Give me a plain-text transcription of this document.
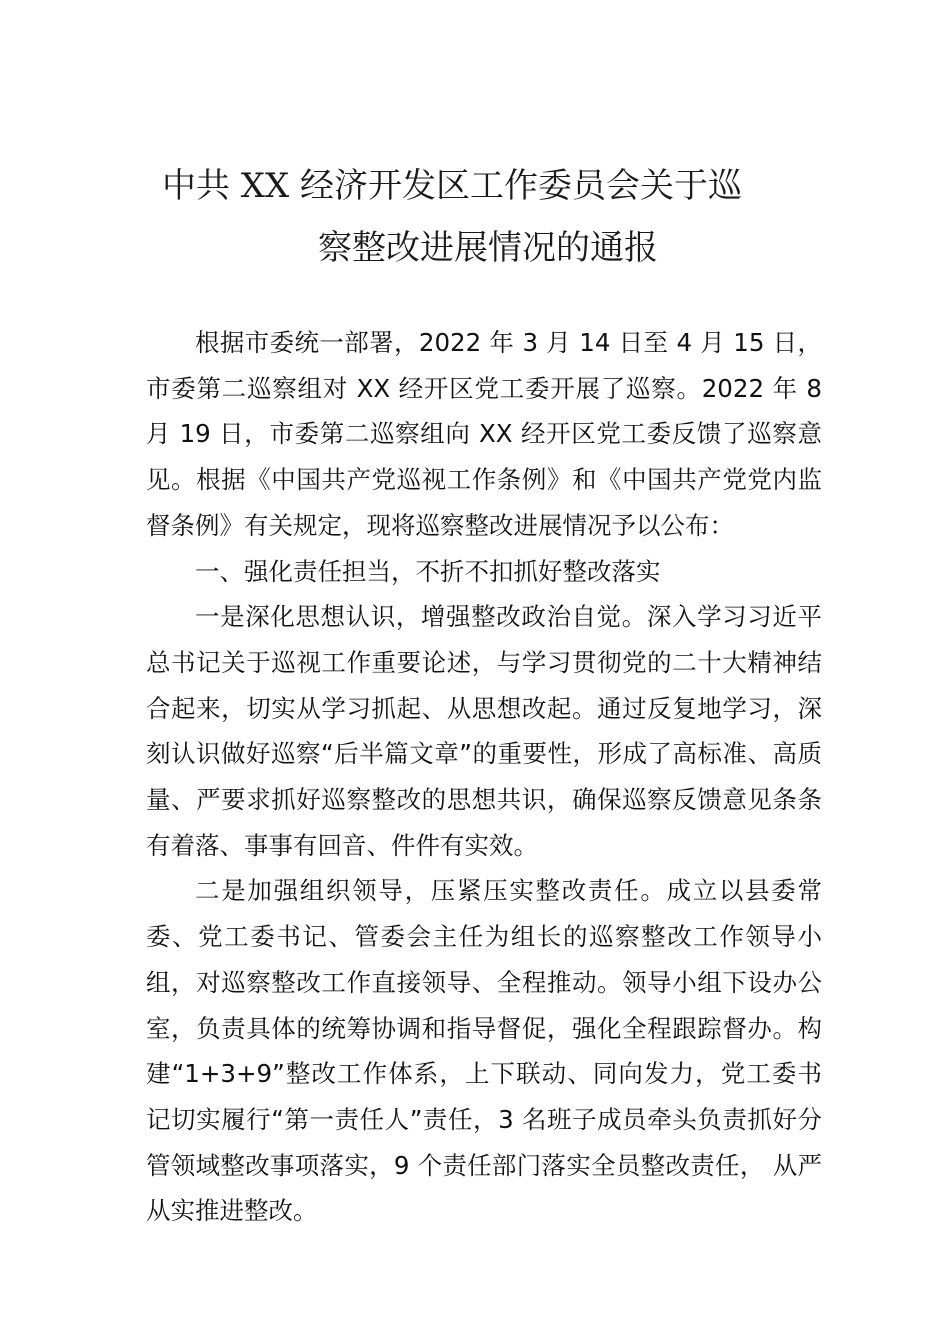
中共 XX 经济开发区工作委员会关于巡
察整改进展情况的通报

根据市委统一部署，2022 年 3 月 14 日至 4 月 15 日，市委第二巡察组对 XX 经开区党工委开展了巡察。2022 年 8 月 19 日，市委第二巡察组向 XX 经开区党工委反馈了巡察意见。根据《中国共产党巡视工作条例》和《中国共产党党内监督条例》有关规定，现将巡察整改进展情况予以公布：

一、强化责任担当，不折不扣抓好整改落实

一是深化思想认识，增强整改政治自觉。深入学习习近平总书记关于巡视工作重要论述，与学习贯彻党的二十大精神结合起来，切实从学习抓起、从思想改起。通过反复地学习，深刻认识做好巡察“后半篇文章”的重要性，形成了高标准、高质量、严要求抓好巡察整改的思想共识，确保巡察反馈意见条条有着落、事事有回音、件件有实效。

二是加强组织领导，压紧压实整改责任。成立以县委常委、党工委书记、管委会主任为组长的巡察整改工作领导小组，对巡察整改工作直接领导、全程推动。领导小组下设办公室，负责具体的统筹协调和指导督促，强化全程跟踪督办。构建“1+3+9”整改工作体系，上下联动、同向发力，党工委书记切实履行“第一责任人”责任，3 名班子成员牵头负责抓好分管领域整改事项落实，9 个责任部门落实全员整改责任， 从严从实推进整改。
